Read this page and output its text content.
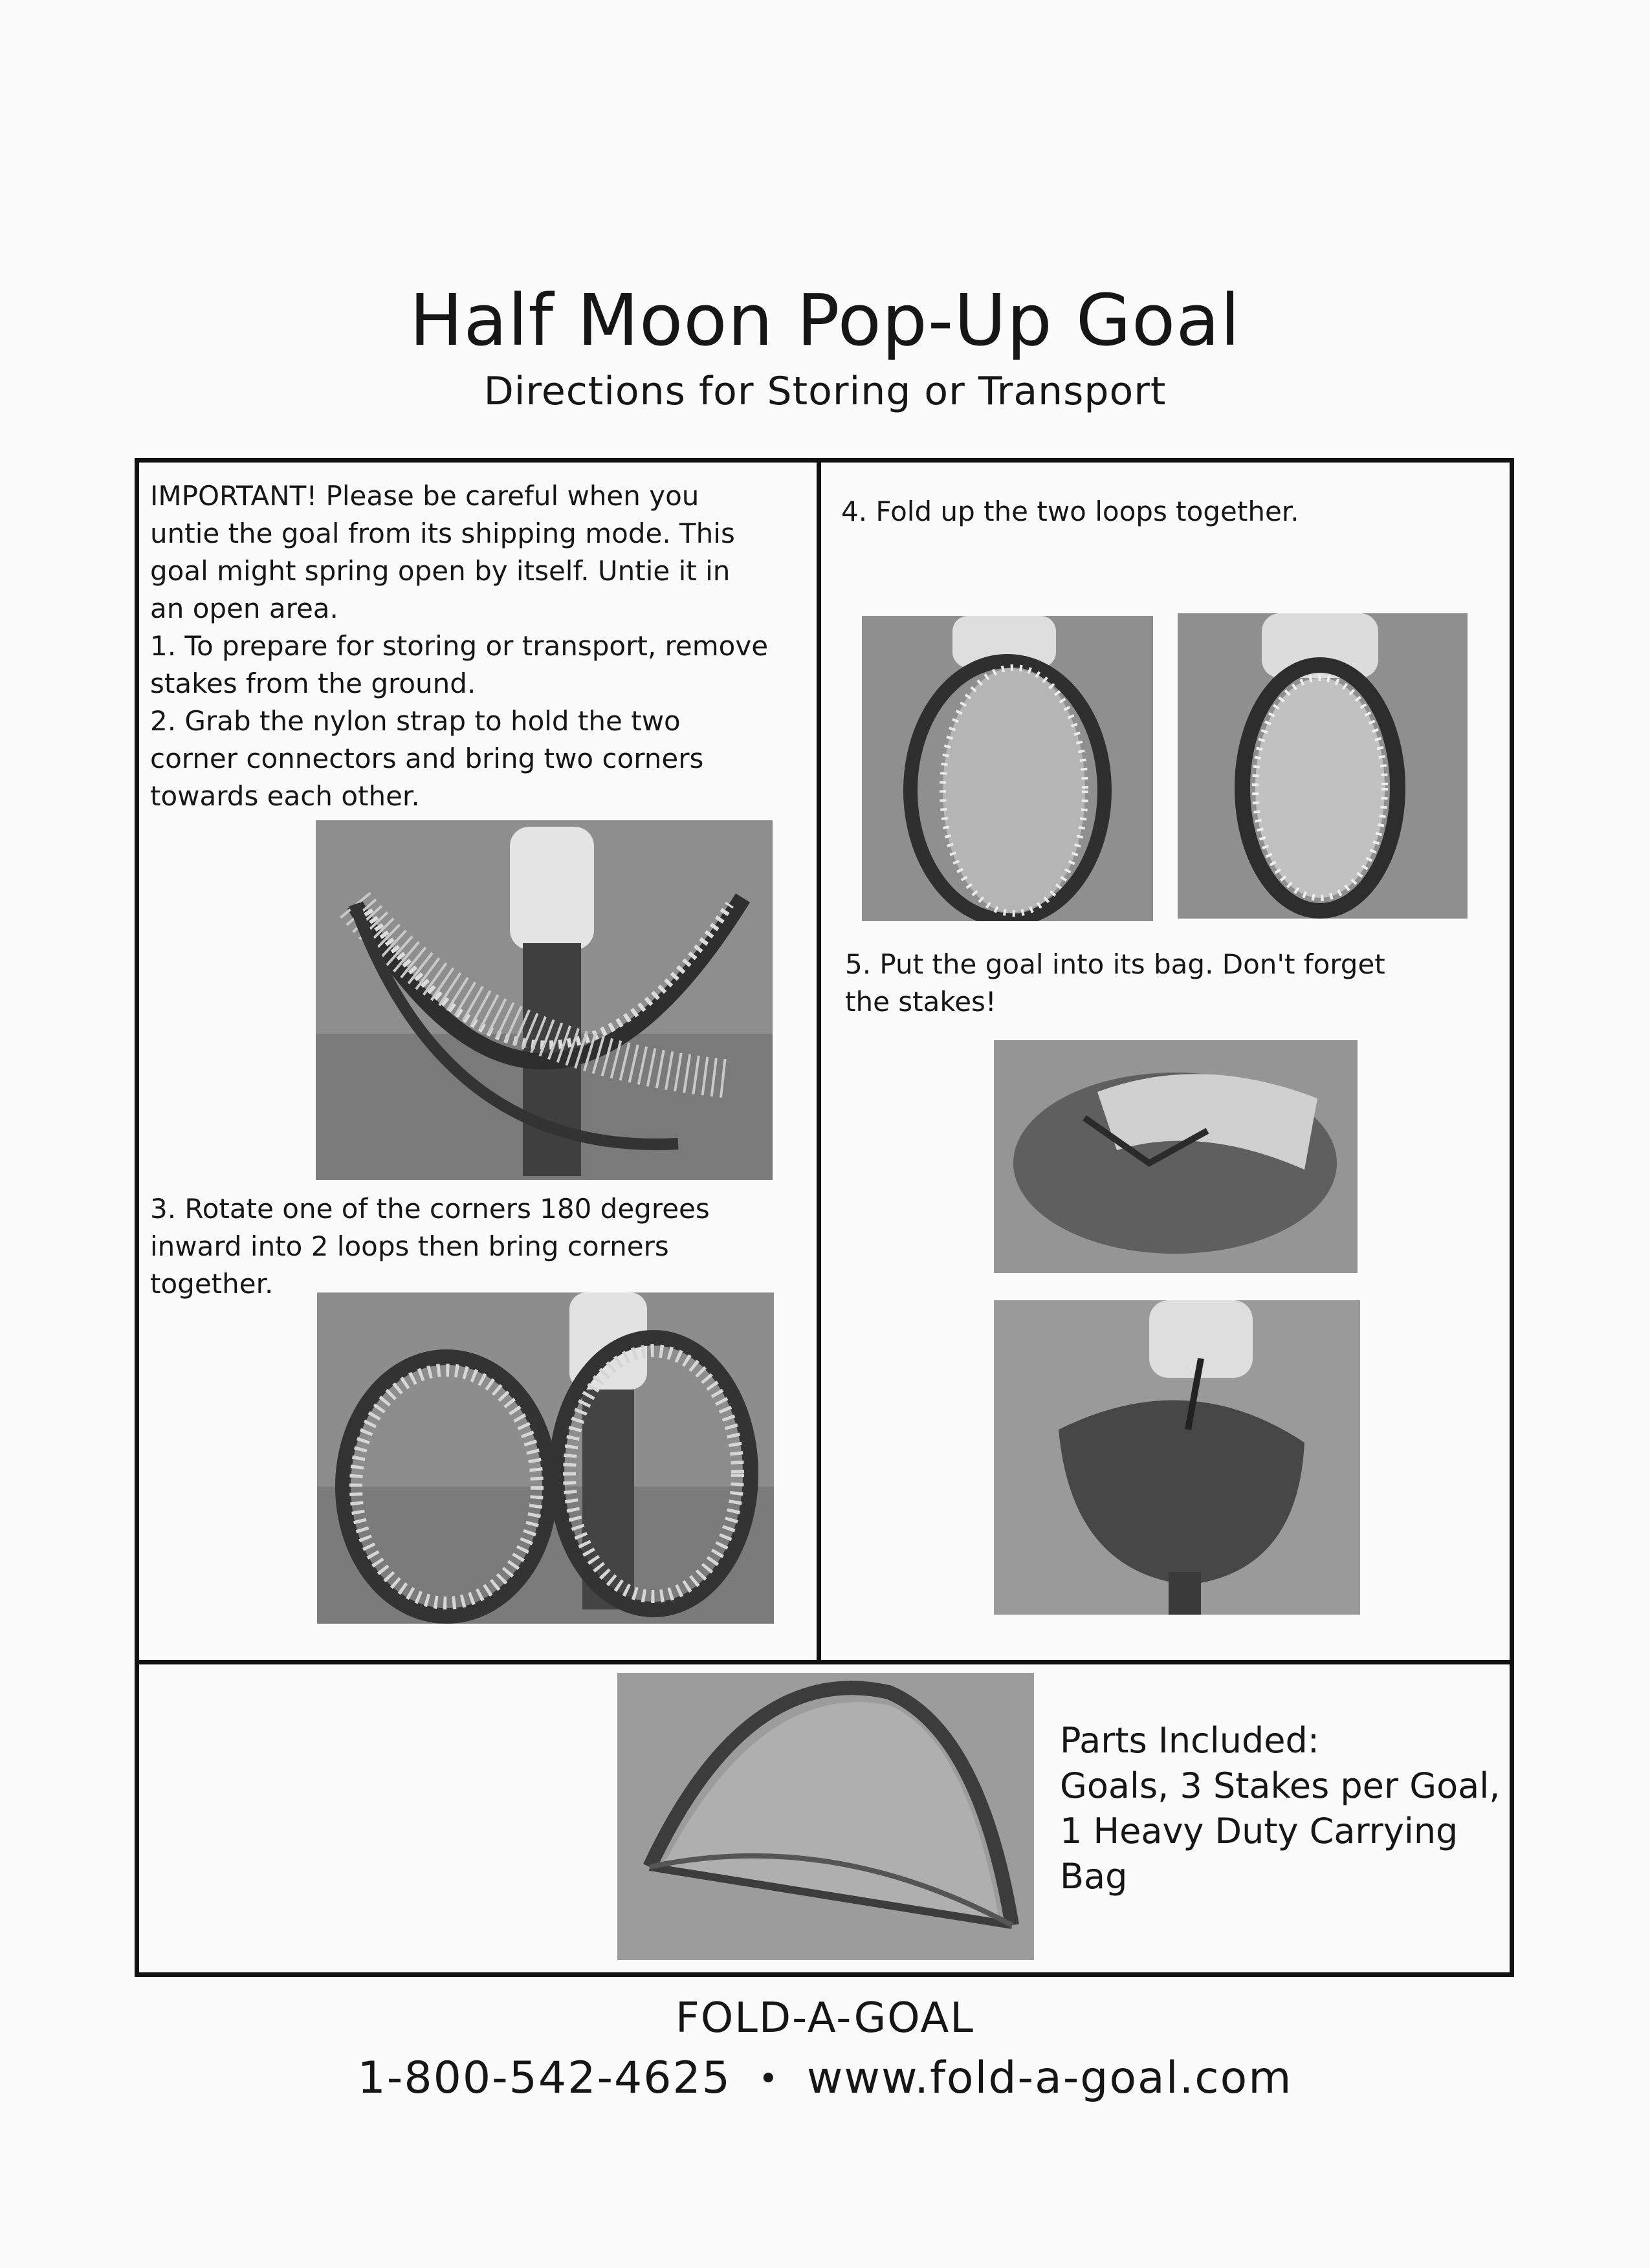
Half Moon Pop-Up Goal
Directions for Storing or Transport

IMPORTANT! Please be careful when you

untie the goal from its shipping mode. This

goal might spring open by itself. Untie it in

an open area.

1. To prepare for storing or transport, remove

stakes from the ground.

2. Grab the nylon strap to hold the two

corner connectors and bring two corners

towards each other.

3. Rotate one of the corners 180 degrees

inward into 2 loops then bring corners

together.

4. Fold up the two loops together.

5. Put the goal into its bag. Don't forget

the stakes!

Parts Included:

Goals, 3 Stakes per Goal,

1 Heavy Duty Carrying

Bag

FOLD-A-GOAL
1-800-542-4625 • www.fold-a-goal.com
